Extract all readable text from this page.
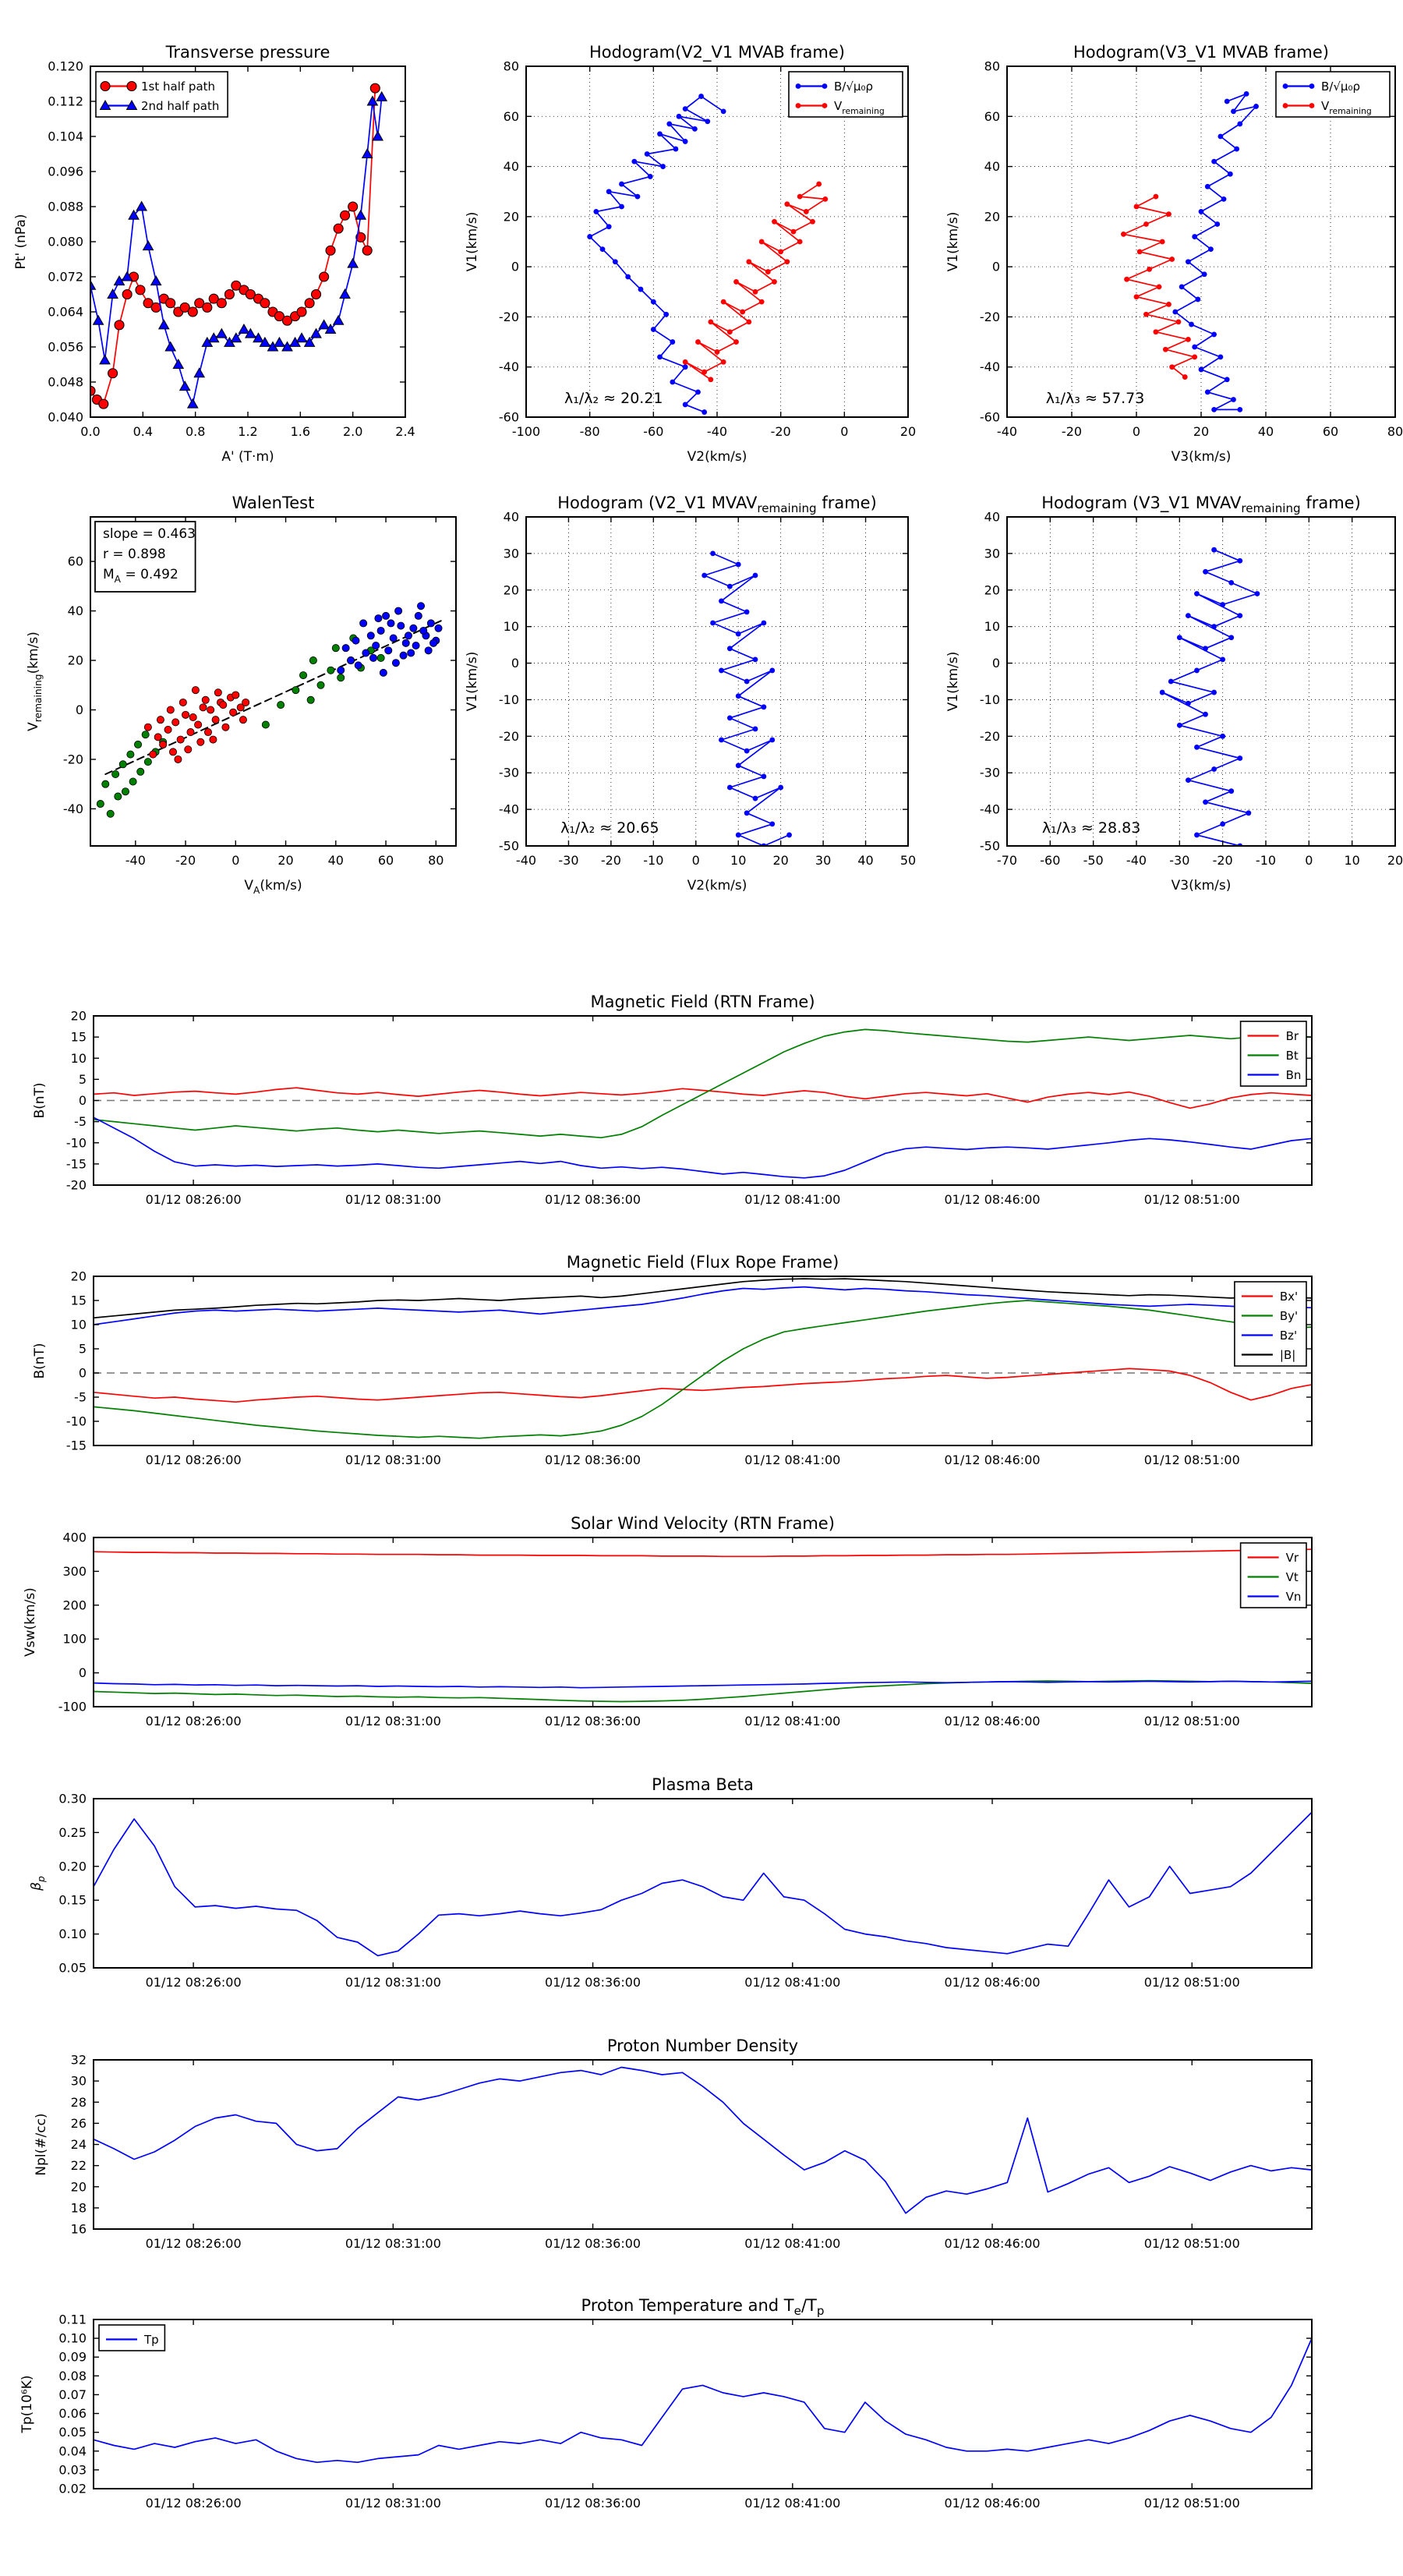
0.0	0.4	0.8	1.2	1.6	2.0	2.4
0.040
0.048
0.056
0.064
0.072
0.080
0.088
0.096
0.104
0.112
0.120
Transverse pressure
A' (T·m)
Pt' (nPa)
1st half path
2nd half path
-100	-80	-60	-40	-20	0	20
-60
-40
-20
0
20
40
60
80
Hodogram(V2_V1 MVAB frame)
V2(km/s)
V1(km/s)
B/√μ₀ρ
$V_{remaining}$
λ₁/λ₂ ≈ 20.21
-40	-20	0	20	40	60	80
-60
-40
-20
0
20
40
60
80
Hodogram(V3_V1 MVAB frame)
V3(km/s)
V1(km/s)
B/√μ₀ρ
$V_{remaining}$
λ₁/λ₃ ≈ 57.73
-40 -20	0	20	40	60	80
-40
-20
0
20
40
60
WalenTest
$V_A(km/s)$
$V_{remaining}(km/s)$
slope = 0.463
r = 0.898
$M_A = 0.492$
-40 -30 -20 -10 0 10 20 30 40 50
-50
-40
-30
-20
-10
0
10
20
30
40
Hodogram (V2_V1 $MVAV_{remaining}$ frame)
V2(km/s)
V1(km/s)
λ₁/λ₂ ≈ 20.65
-70 -60 -50 -40 -30 -20 -10 0	10 20
-50
-40
-30
-20
-10
0
10
20
30
40
Hodogram (V3_V1 $MVAV_{remaining}$ frame)
V3(km/s)
V1(km/s)
λ₁/λ₃ ≈ 28.83
01/12 08:26:00	01/12 08:31:00	01/12 08:36:00	01/12 08:41:00	01/12 08:46:00	01/12 08:51:00
-20
-15
-10
-5
0
5
10
15
20
Magnetic Field (RTN Frame)
B(nT)
Br
Bt
Bn
01/12 08:26:00	01/12 08:31:00	01/12 08:36:00	01/12 08:41:00	01/12 08:46:00	01/12 08:51:00
-15
-10
-5
0
5
10
15
20
Magnetic Field (Flux Rope Frame)
B(nT)
Bx'
By'
Bz'
|B|
01/12 08:26:00	01/12 08:31:00	01/12 08:36:00	01/12 08:41:00	01/12 08:46:00	01/12 08:51:00
-100
0
100
200
300
400
Solar Wind Velocity (RTN Frame)
Vsw(km/s)
Vr
Vt
Vn
01/12 08:26:00	01/12 08:31:00	01/12 08:36:00	01/12 08:41:00	01/12 08:46:00	01/12 08:51:00
0.05
0.10
0.15
0.20
0.25
0.30
Plasma Beta
$\beta_p$
01/12 08:26:00	01/12 08:31:00	01/12 08:36:00	01/12 08:41:00	01/12 08:46:00	01/12 08:51:00
16
18
20
22
24
26
28
30
32
Proton Number Density
Npl(#/cc)
01/12 08:26:00	01/12 08:31:00	01/12 08:36:00	01/12 08:41:00	01/12 08:46:00	01/12 08:51:00
0.02
0.03
0.04
0.05
0.06
0.07
0.08
0.09
0.10
0.11
Proton Temperature and $T_e/T_p$
Tp(10⁶K)
Tp
